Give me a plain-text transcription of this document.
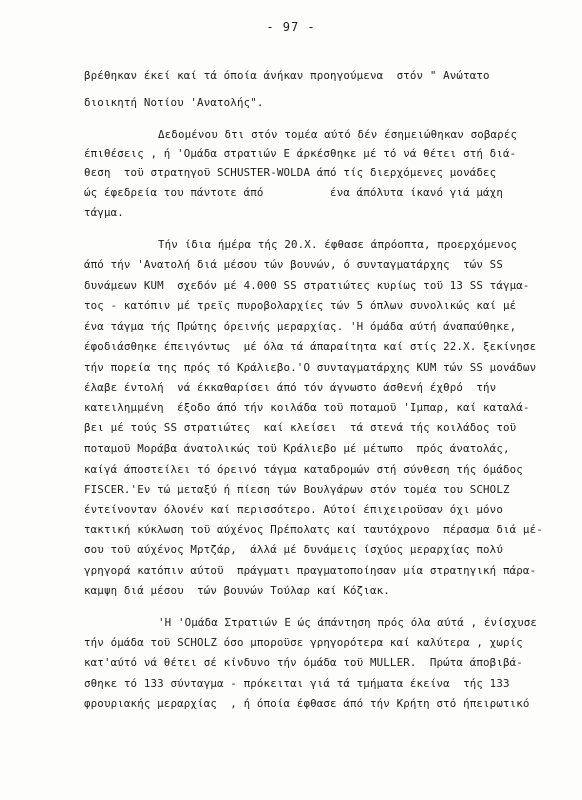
- 97 -
βρέθηκαν έκεί καί τά όποία άνήκαν προηγούμενα  στόν " Ανώτατο
διοικητή Νοτίου 'Ανατολής".
Δεδομένου δτι στόν τομέα αύτό δέν έσημειώθηκαν σοβαρές
έπιθέσεις , ή 'Ομάδα στρατιών Ε άρκέσθηκε μέ τό νά θέτει στή διά-
θεση  τοϋ στρατηγοϋ SCHUSTER-WOLDA άπό τίς διερχόμενες μονάδες
ώς έφεδρεία του πάντοτε άπό          ένα άπόλυτα ίκανό γιά μάχη
τάγμα.
Τήν ίδια ήμέρα τής 20.Χ. έφθασε άπρόοπτα, προερχόμενος
άπό τήν 'Ανατολή διά μέσου τών βουνών, ό συνταγματάρχης  τών SS
δυνάμεων KUM  σχεδόν μέ 4.000 SS στρατιώτες κυρίως τοϋ 13 SS τάγμα-
τος - κατόπιν μέ τρεϊς πυροβολαρχίες τών 5 όπλων συνολικώς καί μέ
ένα τάγμα τής Πρώτης όρεινής μεραρχίας. 'Η όμάδα αύτή άναπαύθηκε,
έφοδιάσθηκε έπειγόντως  μέ όλα τά άπαραίτητα καί στίς 22.Χ. ξεκίνησε
τήν πορεία της πρός τό Κράλιεβο.'Ο συνταγματάρχης KUM τών SS μονάδων
έλαβε έντολή  νά έκκαθαρίσει άπό τόν άγνωστο άσθενή έχθρό  τήν
κατειλημμένη  έξοδο άπό τήν κοιλάδα τοϋ ποταμοϋ 'Ιμπαρ, καί καταλά-
βει μέ τούς SS στρατιώτες  καί κλείσει  τά στενά τής κοιλάδος τοϋ
ποταμοϋ Μοράβα άνατολικώς τοϋ Κράλιεβο μέ μέτωπο  πρός άνατολάς,
καίγά άποστείλει τό όρεινό τάγμα καταδρομών στή σύνθεση τής όμάδος
FISCER.'Εν τώ μεταξύ ή πίεση τών Βουλγάρων στόν τομέα του SCHOLZ
έντείνονταν όλονέν καί περισσότερο. Αύτοί έπιχειροϋσαν όχι μόνο
τακτική κύκλωση τοϋ αύχένος Πρέπολατς καί ταυτόχρονο  πέρασμα διά μέ-
σου τοϋ αύχένος Μρτζάρ,  άλλά μέ δυνάμεις ίσχύος μεραρχίας πολύ
γρηγορά κατόπιν αύτοϋ  πράγματι πραγματοποίησαν μία στρατηγική πάρα-
καμψη διά μέσου  τών βουνών Τούλαρ καί Κόζιακ.
'Η 'Ομάδα Στρατιών Ε ώς άπάντηση πρός όλα αύτά , ένίσχυσε
τήν όμάδα τοϋ SCHOLZ όσο μποροϋσε γρηγορότερα καί καλύτερα , χωρίς
κατ'αύτό νά θέτει σέ κίνδυνο τήν όμάδα τοϋ MULLER.  Πρώτα άποβιβά-
σθηκε τό 133 σύνταγμα - πρόκειται γιά τά τμήματα έκείνα  τής 133
φρουριακής μεραρχίας  , ή όποία έφθασε άπό τήν Κρήτη στό ήπειρωτικό
